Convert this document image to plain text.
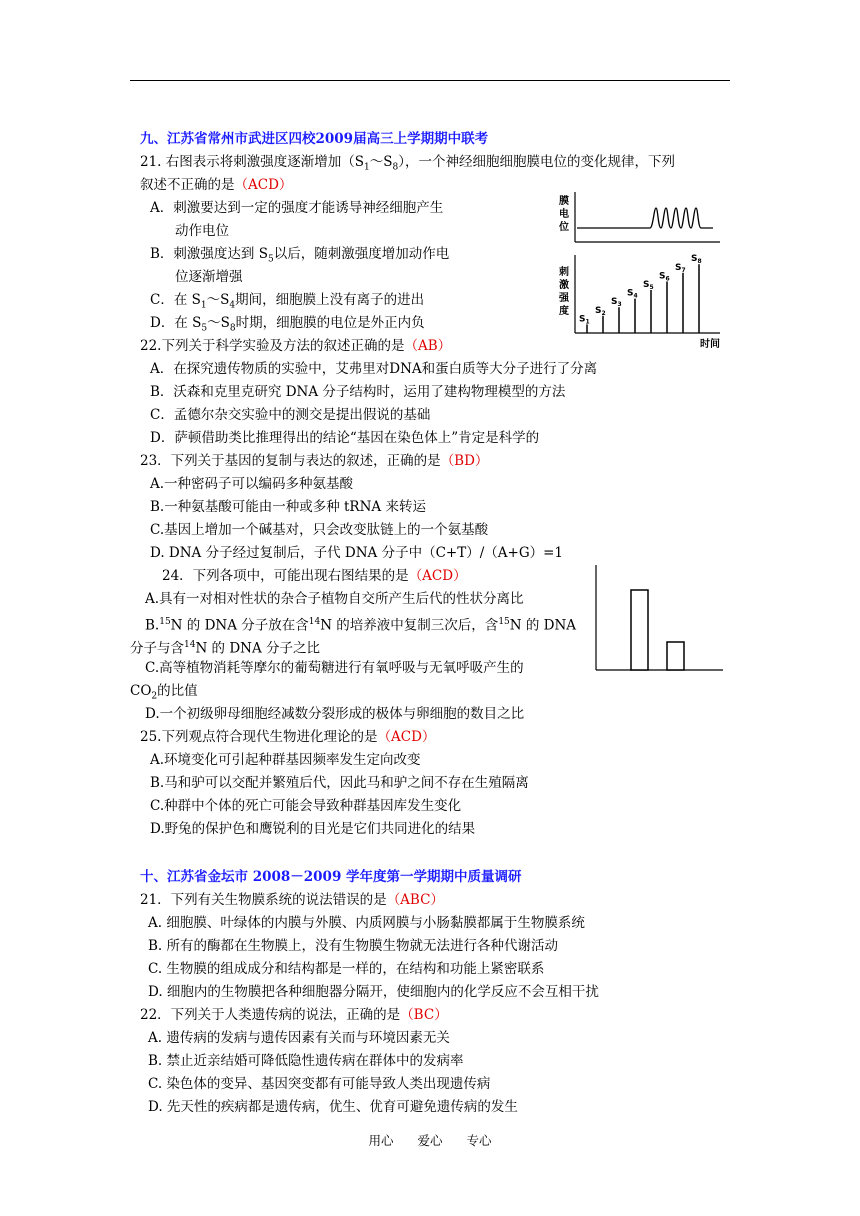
九、江苏省常州市武进区四校2009届高三上学期期中联考
21. 右图表示将刺激强度逐渐增加$(S_1\sim S_8)$，一个神经细胞细胞膜电位的变化规律，下列
叙述不正确的是（ACD）
A．刺激要达到一定的强度才能诱导神经细胞产生
动作电位
B．刺激强度达到 $S_5$以后，随刺激强度增加动作电
位逐渐增强
C．在 $S_1\sim S_4$期间，细胞膜上没有离子的进出
D．在 $S_5\sim S_8$时期，细胞膜的电位是外正内负
22.下列关于科学实验及方法的叙述正确的是（AB）
A．在探究遗传物质的实验中，艾弗里对DNA和蛋白质等大分子进行了分离
B．沃森和克里克研究 DNA 分子结构时，运用了建构物理模型的方法
C．孟德尔杂交实验中的测交是提出假说的基础
D．萨顿借助类比推理得出的结论“基因在染色体上”肯定是科学的
23．下列关于基因的复制与表达的叙述，正确的是（BD）
A.一种密码子可以编码多种氨基酸
B.一种氨基酸可能由一种或多种 tRNA 来转运
C.基因上增加一个碱基对，只会改变肽链上的一个氨基酸
D. DNA 分子经过复制后，子代 DNA 分子中（C+T）/（A+G）=1
24．下列各项中，可能出现右图结果的是（ACD）
A.具有一对相对性状的杂合子植物自交所产生后代的性状分离比
B.$^{15}$N 的 DNA 分子放在含$^{14}$N 的培养液中复制三次后，含$^{15}$N 的 DNA
分子与含$^{14}$N 的 DNA 分子之比
C.高等植物消耗等摩尔的葡萄糖进行有氧呼吸与无氧呼吸产生的
$CO_2$的比值
D.一个初级卵母细胞经减数分裂形成的极体与卵细胞的数目之比
25.下列观点符合现代生物进化理论的是（ACD）
A.环境变化可引起种群基因频率发生定向改变
B.马和驴可以交配并繁殖后代，因此马和驴之间不存在生殖隔离
C.种群中个体的死亡可能会导致种群基因库发生变化
D.野兔的保护色和鹰锐利的目光是它们共同进化的结果
十、江苏省金坛市 2008－2009 学年度第一学期期中质量调研
21．下列有关生物膜系统的说法错误的是（ABC）
A. 细胞膜、叶绿体的内膜与外膜、内质网膜与小肠黏膜都属于生物膜系统
B. 所有的酶都在生物膜上，没有生物膜生物就无法进行各种代谢活动
C. 生物膜的组成成分和结构都是一样的，在结构和功能上紧密联系
D. 细胞内的生物膜把各种细胞器分隔开，使细胞内的化学反应不会互相干扰
22．下列关于人类遗传病的说法，正确的是（BC）
A. 遗传病的发病与遗传因素有关而与环境因素无关
B. 禁止近亲结婚可降低隐性遗传病在群体中的发病率
C. 染色体的变异、基因突变都有可能导致人类出现遗传病
D. 先天性的疾病都是遗传病，优生、优育可避免遗传病的发生
膜
电
位
刺
激
强
度
时间
$S_1$
$S_2$
$S_3$
$S_4$
$S_5$
$S_6$
$S_7$
$S_8$
用心 爱心 专心
